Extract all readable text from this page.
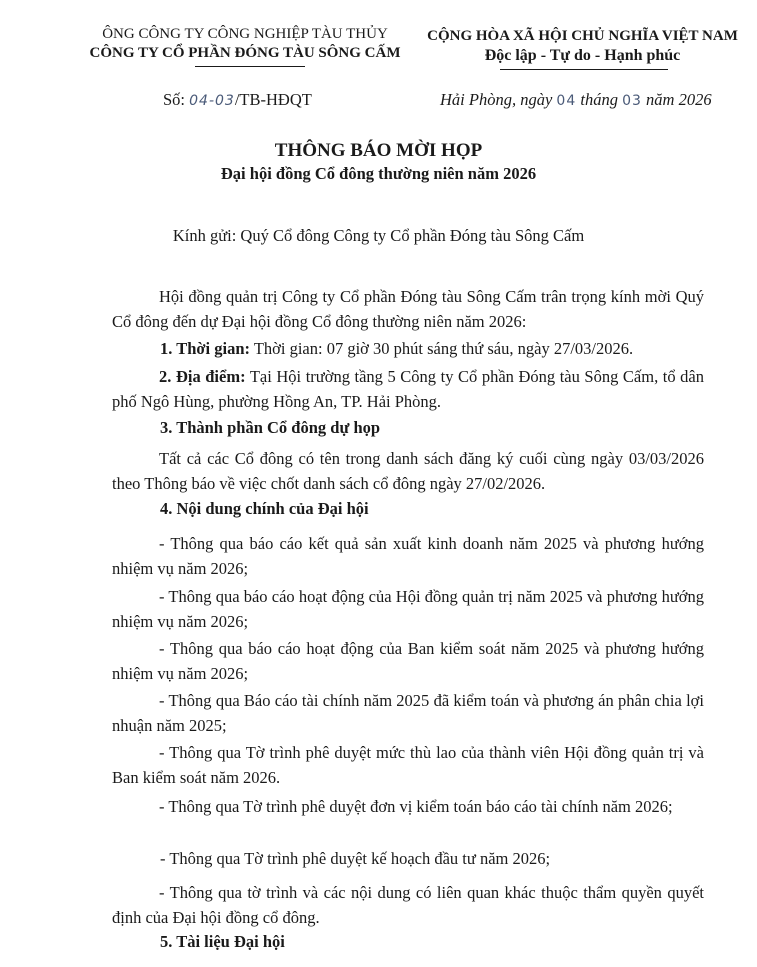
ÔNG CÔNG TY CÔNG NGHIỆP TÀU THỦY
CÔNG TY CỔ PHẦN ĐÓNG TÀU SÔNG CẤM
CỘNG HÒA XÃ HỘI CHỦ NGHĨA VIỆT NAM
Độc lập - Tự do - Hạnh phúc
Số: 04-03/TB-HĐQT	Hải Phòng, ngày 04 tháng 03 năm 2026
THÔNG BÁO MỜI HỌP
Đại hội đồng Cổ đông thường niên năm 2026
Kính gửi: Quý Cổ đông Công ty Cổ phần Đóng tàu Sông Cấm
Hội đồng quản trị Công ty Cổ phần Đóng tàu Sông Cấm trân trọng kính mời Quý Cổ đông đến dự Đại hội đồng Cổ đông thường niên năm 2026:
1. Thời gian: Thời gian: 07 giờ 30 phút sáng thứ sáu, ngày 27/03/2026.
2. Địa điểm: Tại Hội trường tầng 5 Công ty Cổ phần Đóng tàu Sông Cấm, tổ dân phố Ngô Hùng, phường Hồng An, TP. Hải Phòng.
3. Thành phần Cổ đông dự họp
Tất cả các Cổ đông có tên trong danh sách đăng ký cuối cùng ngày 03/03/2026 theo Thông báo về việc chốt danh sách cổ đông ngày 27/02/2026.
4. Nội dung chính của Đại hội
- Thông qua báo cáo kết quả sản xuất kinh doanh năm 2025 và phương hướng nhiệm vụ năm 2026;
- Thông qua báo cáo hoạt động của Hội đồng quản trị năm 2025 và phương hướng nhiệm vụ năm 2026;
- Thông qua báo cáo hoạt động của Ban kiểm soát năm 2025 và phương hướng nhiệm vụ năm 2026;
- Thông qua Báo cáo tài chính năm 2025 đã kiểm toán và phương án phân chia lợi nhuận năm 2025;
- Thông qua Tờ trình phê duyệt mức thù lao của thành viên Hội đồng quản trị và Ban kiểm soát năm 2026.
- Thông qua Tờ trình phê duyệt đơn vị kiểm toán báo cáo tài chính năm 2026;
- Thông qua Tờ trình phê duyệt kế hoạch đầu tư năm 2026;
- Thông qua tờ trình và các nội dung có liên quan khác thuộc thẩm quyền quyết định của Đại hội đồng cổ đông.
5. Tài liệu Đại hội
